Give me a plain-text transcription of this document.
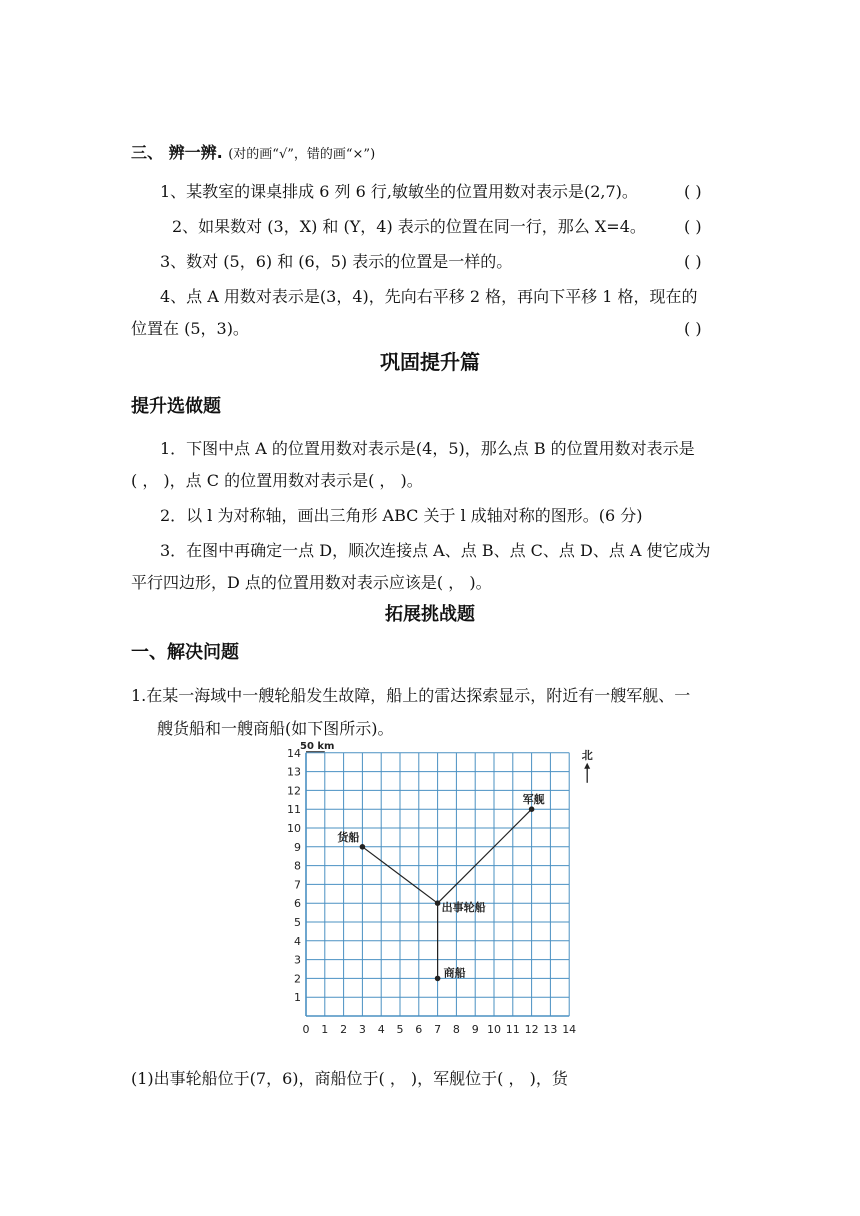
三、 辨一辨. (对的画“√”，错的画“×”)
1、某教室的课桌排成 6 列 6 行,敏敏坐的位置用数对表示是(2,7)。	( )
2、如果数对 (3，X) 和 (Y，4) 表示的位置在同一行，那么 X=4。 ( )
3、数对 (5，6) 和 (6，5) 表示的位置是一样的。	( )
4、点 A 用数对表示是(3，4)，先向右平移 2 格，再向下平移 1 格，现在的
位置在 (5，3)。	( )
巩固提升篇
提升选做题
1．下图中点 A 的位置用数对表示是(4，5)，那么点 B 的位置用数对表示是
( ， )，点 C 的位置用数对表示是( ， )。
2．以 l 为对称轴，画出三角形 ABC 关于 l 成轴对称的图形。(6 分)
3．在图中再确定一点 D，顺次连接点 A、点 B、点 C、点 D、点 A 使它成为
平行四边形，D 点的位置用数对表示应该是( ， )。
拓展挑战题
一、解决问题
1.在某一海域中一艘轮船发生故障，船上的雷达探索显示，附近有一艘军舰、一
艘货船和一艘商船(如下图所示)。
0 1 2 3 4 5 6 7 8 9 10 11 12 13 14
1
2
3
4
5
6
7
8
9
10
11
12
13
14
50 km
北
货船
出事轮船
军舰
商船
(1)出事轮船位于(7，6)，商船位于( ， )，军舰位于( ， )，货
